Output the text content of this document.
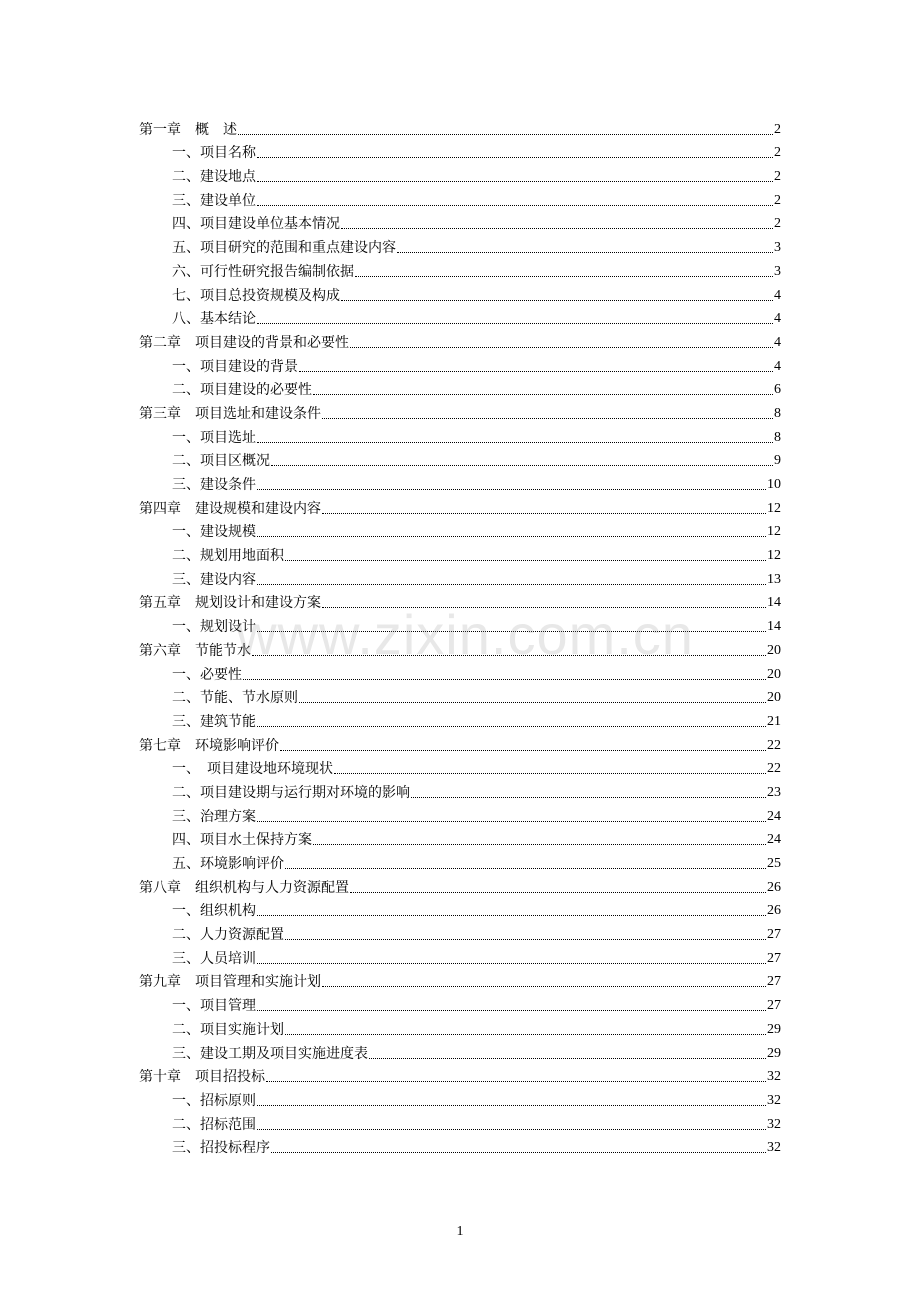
第一章　概　述	2
一、项目名称	2
二、建设地点	2
三、建设单位	2
四、项目建设单位基本情况	2
五、项目研究的范围和重点建设内容	3
六、可行性研究报告编制依据	3
七、项目总投资规模及构成	4
八、基本结论	4
第二章　项目建设的背景和必要性	4
一、项目建设的背景	4
二、项目建设的必要性	6
第三章　项目选址和建设条件	8
一、项目选址	8
二、项目区概况	9
三、建设条件	10
第四章　建设规模和建设内容	12
一、建设规模	12
二、规划用地面积	12
三、建设内容	13
第五章　规划设计和建设方案	14
一、规划设计	14
第六章　节能节水	20
一、必要性	20
二、节能、节水原则	20
三、建筑节能	21
第七章　环境影响评价	22
一、　项目建设地环境现状	22
二、项目建设期与运行期对环境的影响	23
三、治理方案	24
四、项目水土保持方案	24
五、环境影响评价	25
第八章　组织机构与人力资源配置	26
一、组织机构	26
二、人力资源配置	27
三、人员培训	27
第九章　项目管理和实施计划	27
一、项目管理	27
二、项目实施计划	29
三、建设工期及项目实施进度表	29
第十章　项目招投标	32
一、招标原则	32
二、招标范围	32
三、招投标程序	32
www.zixin.com.cn
1
